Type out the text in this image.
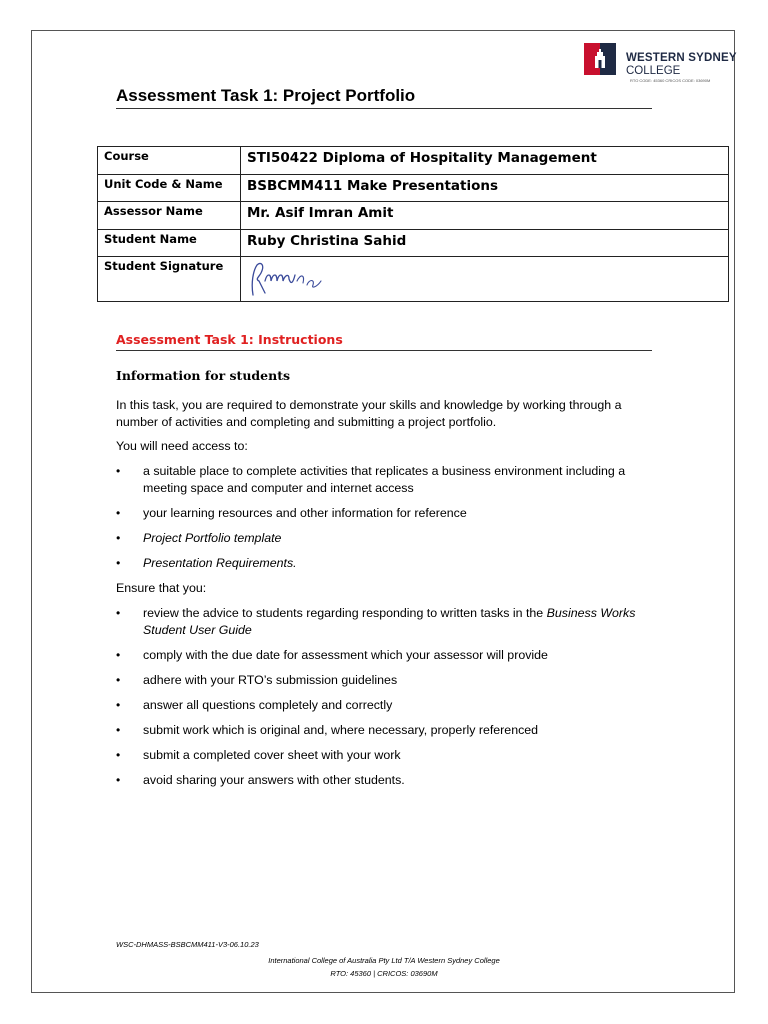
WESTERN SYDNEY
COLLEGE
RTO CODE: 45360 CRICOS CODE: 03690M
Assessment Task 1: Project Portfolio
Course	STI50422 Diploma of Hospitality Management
Unit Code & Name	BSBCMM411 Make Presentations
Assessor Name	Mr. Asif Imran Amit
Student Name	Ruby Christina Sahid
Student Signature	
Assessment Task 1: Instructions
Information for students

In this task, you are required to demonstrate your skills and knowledge by working through a number of activities and completing and submitting a project portfolio.

You will need access to:

• a suitable place to complete activities that replicates a business environment including a meeting space and computer and internet access
• your learning resources and other information for reference
• Project Portfolio template
• Presentation Requirements.

Ensure that you:

• review the advice to students regarding responding to written tasks in the Business Works Student User Guide
• comply with the due date for assessment which your assessor will provide
• adhere with your RTO’s submission guidelines
• answer all questions completely and correctly
• submit work which is original and, where necessary, properly referenced
• submit a completed cover sheet with your work
• avoid sharing your answers with other students.
WSC-DHMASS-BSBCMM411-V3-06.10.23
International College of Australia Pty Ltd T/A Western Sydney College
RTO: 45360 | CRICOS: 03690M
